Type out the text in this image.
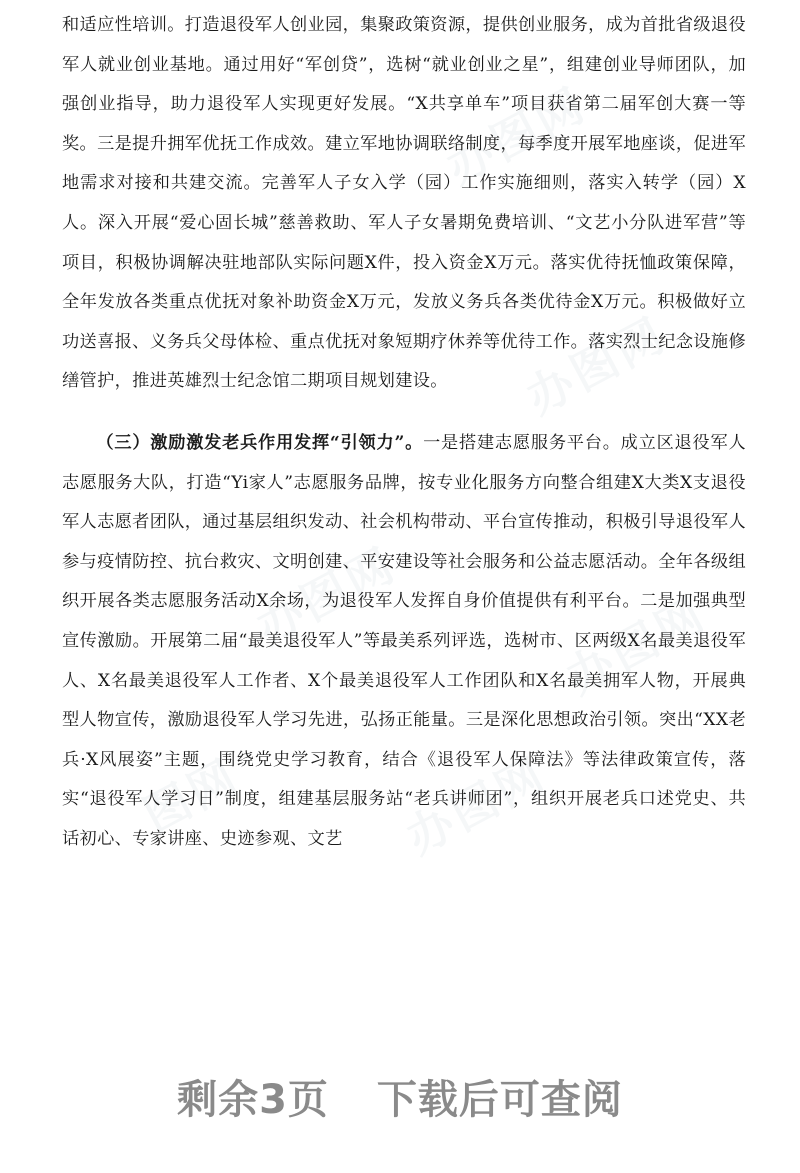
办图网
办图网
办图网	办图网
图网	办图网

和适应性培训。打造退役军人创业园，集聚政策资源，提供创业服务，成为首批省级退役军人就业创业基地。通过用好“军创贷”，选树“就业创业之星”，组建创业导师团队，加强创业指导，助力退役军人实现更好发展。“X共享单车”项目获省第二届军创大赛一等奖。三是提升拥军优抚工作成效。建立军地协调联络制度，每季度开展军地座谈，促进军地需求对接和共建交流。完善军人子女入学（园）工作实施细则，落实入转学（园）X人。深入开展“爱心固长城”慈善救助、军人子女暑期免费培训、“文艺小分队进军营”等项目，积极协调解决驻地部队实际问题X件，投入资金X万元。落实优待抚恤政策保障，全年发放各类重点优抚对象补助资金X万元，发放义务兵各类优待金X万元。积极做好立功送喜报、义务兵父母体检、重点优抚对象短期疗休养等优待工作。落实烈士纪念设施修缮管护，推进英雄烈士纪念馆二期项目规划建设。

（三）激励激发老兵作用发挥“引领力”。一是搭建志愿服务平台。成立区退役军人志愿服务大队，打造“Yi家人”志愿服务品牌，按专业化服务方向整合组建X大类X支退役军人志愿者团队，通过基层组织发动、社会机构带动、平台宣传推动，积极引导退役军人参与疫情防控、抗台救灾、文明创建、平安建设等社会服务和公益志愿活动。全年各级组织开展各类志愿服务活动X余场，为退役军人发挥自身价值提供有利平台。二是加强典型宣传激励。开展第二届“最美退役军人”等最美系列评选，选树市、区两级X名最美退役军人、X名最美退役军人工作者、X个最美退役军人工作团队和X名最美拥军人物，开展典型人物宣传，激励退役军人学习先进，弘扬正能量。三是深化思想政治引领。突出“XX老兵·X风展姿”主题，围绕党史学习教育，结合《退役军人保障法》等法律政策宣传，落实“退役军人学习日”制度，组建基层服务站“老兵讲师团”，组织开展老兵口述党史、共话初心、专家讲座、史迹参观、文艺

剩余3页 下载后可查阅
